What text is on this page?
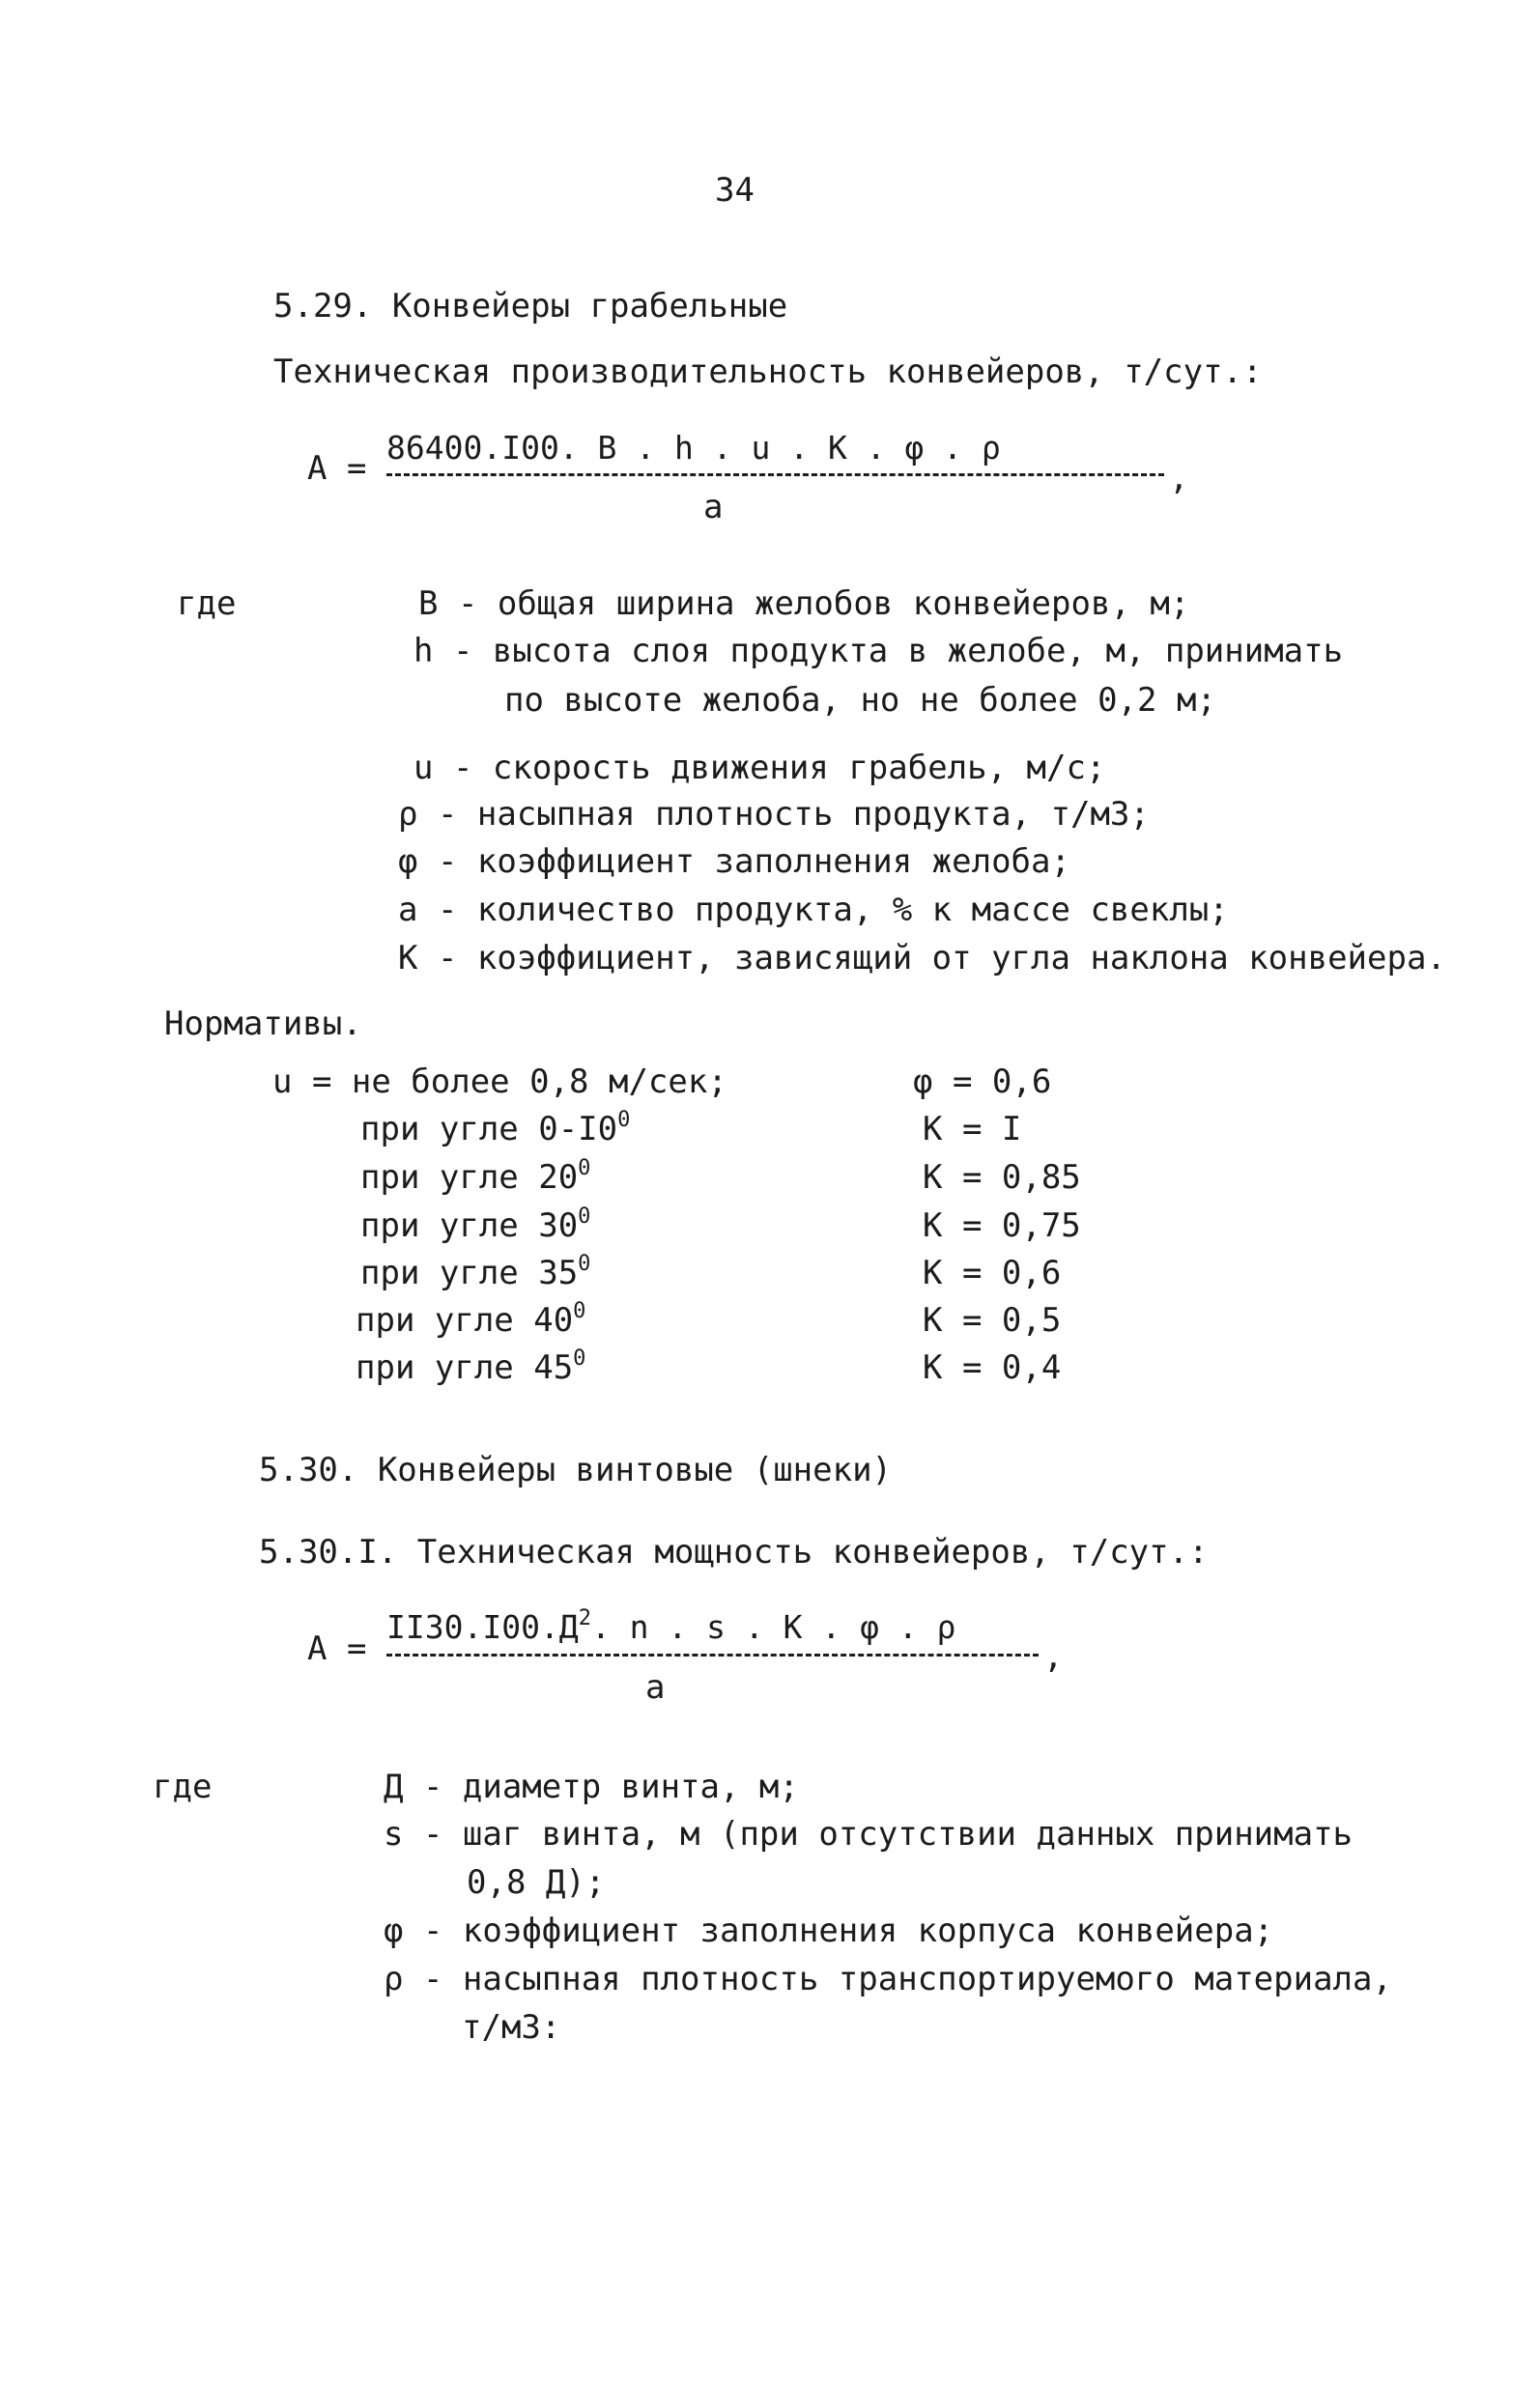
34
5.29. Конвейеры грабельные
Техническая производительность конвейеров, т/сут.:
А =
86400.I00. В . h . u . К . φ . ρ
,
а
где	В - общая ширина желобов конвейеров, м;
h - высота слоя продукта в желобе, м, принимать
по высоте желоба, но не более 0,2 м;
u - скорость движения грабель, м/с;
ρ - насыпная плотность продукта, т/м3;
φ - коэффициент заполнения желоба;
а - количество продукта, % к массе свеклы;
К - коэффициент, зависящий от угла наклона конвейера.
Нормативы.
u = не более 0,8 м/сек;
при угле $0-I0^0$
при угле $20^0$
при угле $30^0$
при угле $35^0$
при угле $40^0$
при угле $45^0$
φ = 0,6
К = I
К = 0,85
К = 0,75
К = 0,6
К = 0,5
К = 0,4
5.30. Конвейеры винтовые (шнеки)
5.30.I. Техническая мощность конвейеров, т/сут.:
А =
$II30.I00.Д^2$. n . s . К . φ . ρ
,
а
где	Д - диаметр винта, м;
s - шаг винта, м (при отсутствии данных принимать
0,8 Д);
φ - коэффициент заполнения корпуса конвейера;
ρ - насыпная плотность транспортируемого материала,
т/м3:
